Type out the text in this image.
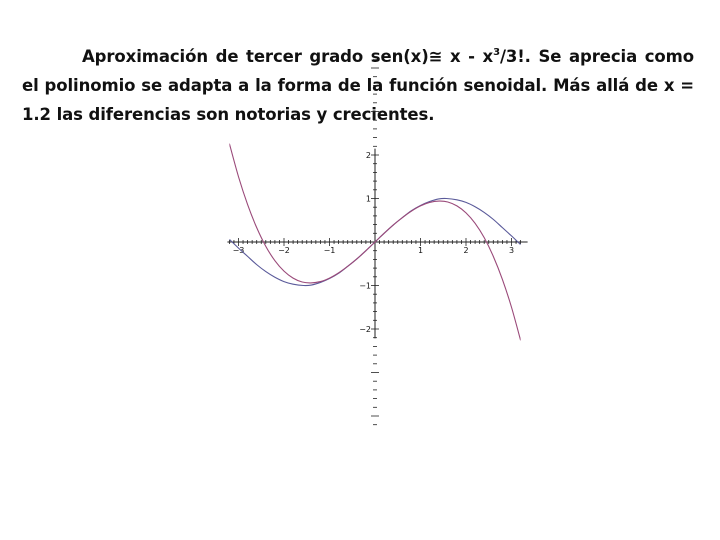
Aproximación de tercer grado sen(x)≅ x - $x^3/3$!. Se aprecia como el polinomio se adapta a la forma de la función senoidal. Más allá de x = 1.2 las diferencias son notorias y crecientes.
−3	−2	−1	1	2	3
2
1
−1
−2
